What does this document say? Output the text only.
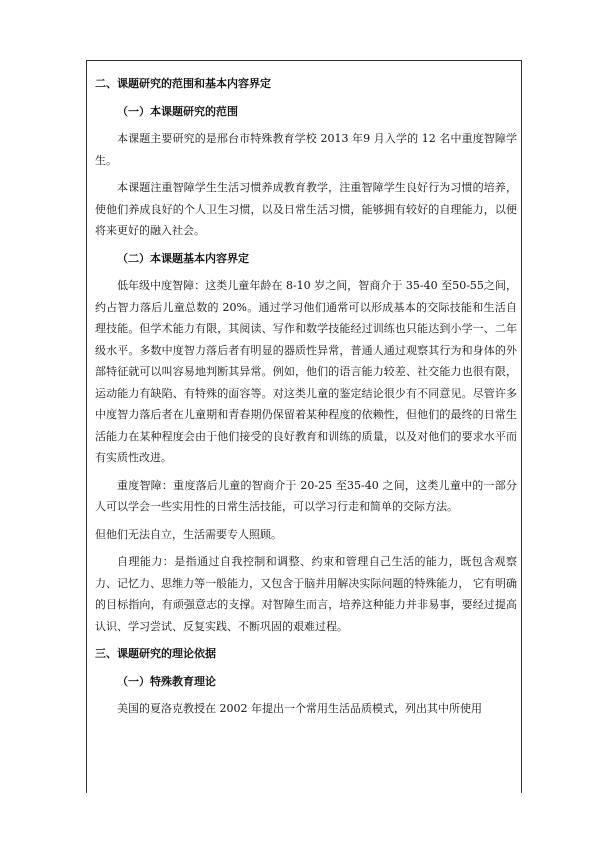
二、课题研究的范围和基本内容界定

（一）本课题研究的范围

本课题主要研究的是邢台市特殊教育学校 2013 年9 月入学的 12 名中重度智障学生。

本课题注重智障学生生活习惯养成教育教学，注重智障学生良好行为习惯的培养，使他们养成良好的个人卫生习惯，以及日常生活习惯，能够拥有较好的自理能力，以便将来更好的融入社会。

（二）本课题基本内容界定

低年级中度智障：这类儿童年龄在 8-10 岁之间，智商介于 35-40 至50-55之间，约占智力落后儿童总数的 20%。通过学习他们通常可以形成基本的交际技能和生活自理技能。但学术能力有限，其阅读、写作和数学技能经过训练也只能达到小学一、二年级水平。多数中度智力落后者有明显的器质性异常，普通人通过观察其行为和身体的外部特征就可以叫容易地判断其异常。例如，他们的语言能力较差、社交能力也很有限，运动能力有缺陷、有特殊的面容等。对这类儿童的鉴定结论很少有不同意见。尽管许多中度智力落后者在儿童期和青春期仍保留着某种程度的依赖性，但他们的最终的日常生活能力在某种程度会由于他们接受的良好教育和训练的质量，以及对他们的要求水平而有实质性改进。

重度智障：重度落后儿童的智商介于 20-25 至35-40 之间，这类儿童中的一部分人可以学会一些实用性的日常生活技能，可以学习行走和简单的交际方法。

但他们无法自立，生活需要专人照顾。

自理能力：是指通过自我控制和调整、约束和管理自己生活的能力，既包含观察力、记忆力、思维力等一般能力，又包含于脑并用解决实际问题的特殊能力， 它有明确的目标指向，有顽强意志的支撑。对智障生而言，培养这种能力并非易事，要经过提高认识、学习尝试、反复实践、不断巩固的艰难过程。

三、课题研究的理论依据

（一）特殊教育理论

美国的夏洛克教授在 2002 年提出一个常用生活品质模式，列出其中所使用
